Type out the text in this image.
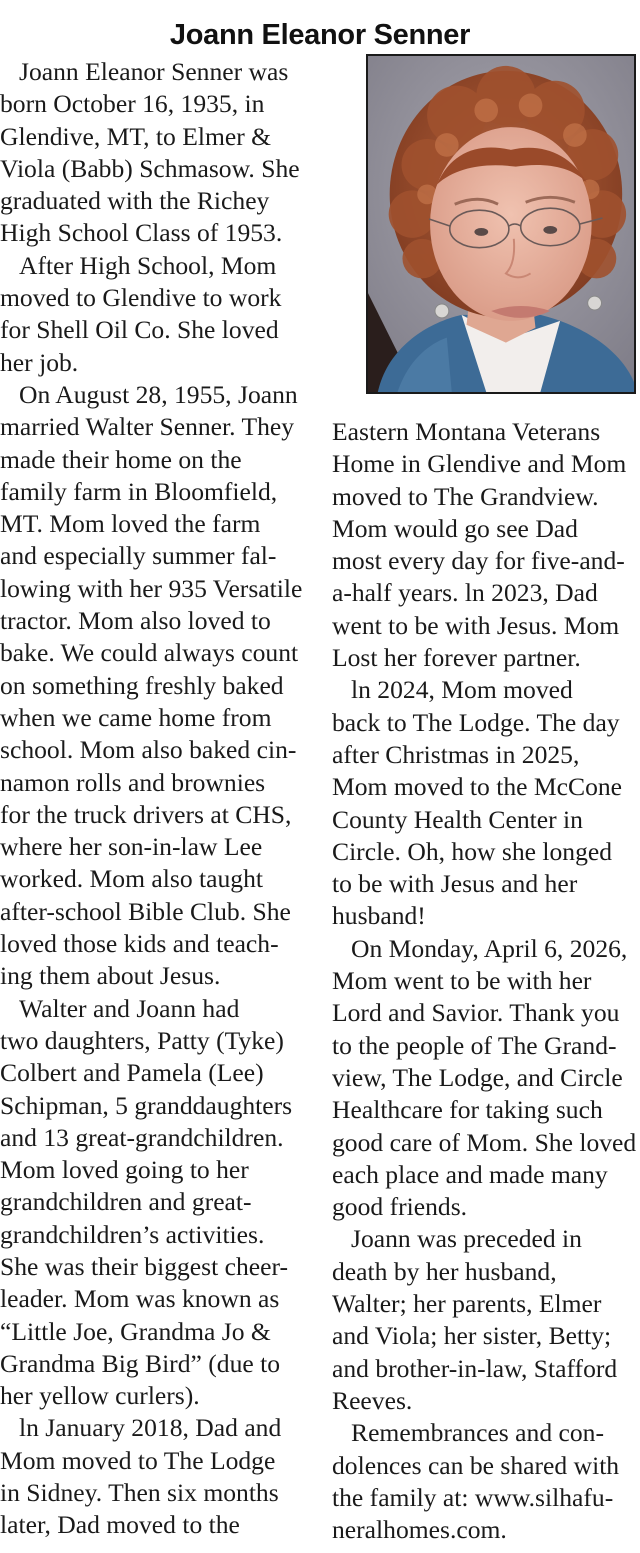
Joann Eleanor Senner
Joann Eleanor Senner was
born October 16, 1935, in
Glendive, MT, to Elmer &
Viola (Babb) Schmasow. She
graduated with the Richey
High School Class of 1953.
After High School, Mom
moved to Glendive to work
for Shell Oil Co. She loved
her job.
On August 28, 1955, Joann
married Walter Senner. They
made their home on the
family farm in Bloomfield,
MT. Mom loved the farm
and especially summer fal-
lowing with her 935 Versatile
tractor. Mom also loved to
bake. We could always count
on something freshly baked
when we came home from
school. Mom also baked cin-
namon rolls and brownies
for the truck drivers at CHS,
where her son-in-law Lee
worked. Mom also taught
after-school Bible Club. She
loved those kids and teach-
ing them about Jesus.
Walter and Joann had
two daughters, Patty (Tyke)
Colbert and Pamela (Lee)
Schipman, 5 granddaughters
and 13 great-grandchildren.
Mom loved going to her
grandchildren and great-
grandchildren’s activities.
She was their biggest cheer-
leader. Mom was known as
“Little Joe, Grandma Jo &
Grandma Big Bird” (due to
her yellow curlers).
ln January 2018, Dad and
Mom moved to The Lodge
in Sidney. Then six months
later, Dad moved to the
Eastern Montana Veterans
Home in Glendive and Mom
moved to The Grandview.
Mom would go see Dad
most every day for five-and-
a-half years. ln 2023, Dad
went to be with Jesus. Mom
Lost her forever partner.
ln 2024, Mom moved
back to The Lodge. The day
after Christmas in 2025,
Mom moved to the McCone
County Health Center in
Circle. Oh, how she longed
to be with Jesus and her
husband!
On Monday, April 6, 2026,
Mom went to be with her
Lord and Savior. Thank you
to the people of The Grand-
view, The Lodge, and Circle
Healthcare for taking such
good care of Mom. She loved
each place and made many
good friends.
Joann was preceded in
death by her husband,
Walter; her parents, Elmer
and Viola; her sister, Betty;
and brother-in-law, Stafford
Reeves.
Remembrances and con-
dolences can be shared with
the family at: www.silhafu-
neralhomes.com.
